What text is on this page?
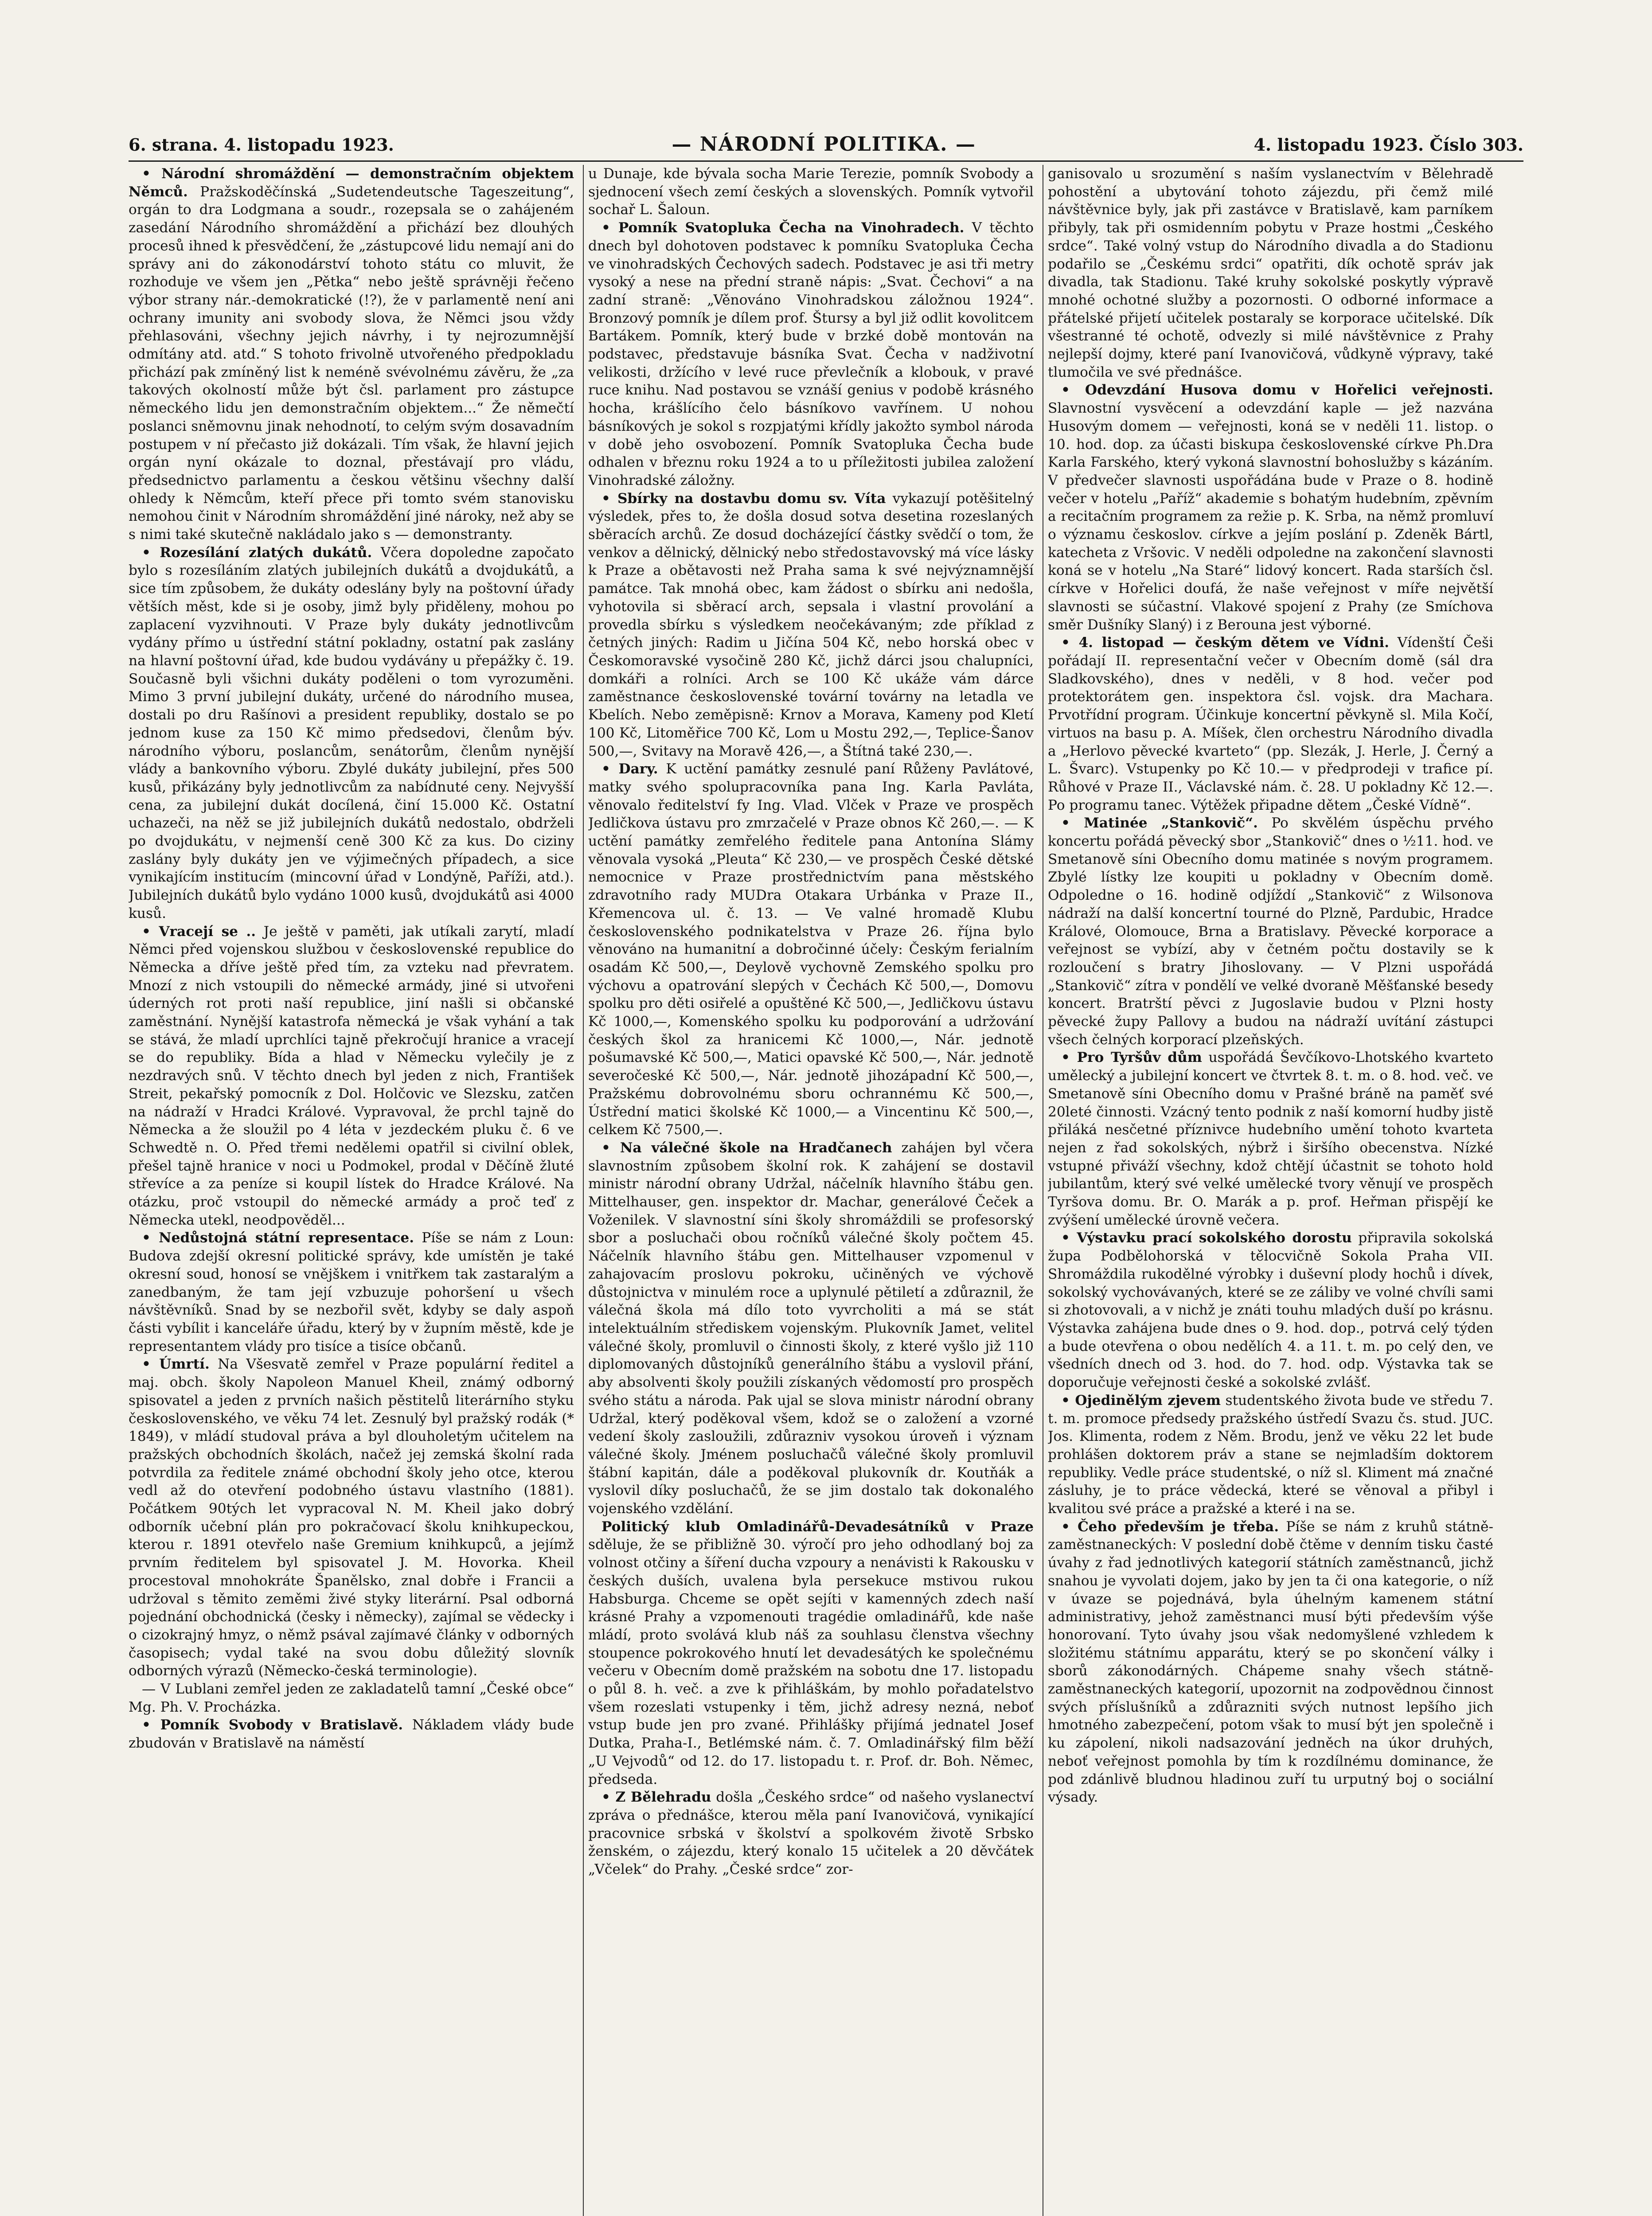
6. strana. 4. listopadu 1923.	— NÁRODNÍ POLITIKA. —	4. listopadu 1923. Číslo 303.

• Národní shromáždění — demonstračním objektem Němců. Pražskoděčínská „Sudetendeutsche Tageszeitung“, orgán to dra Lodgmana a soudr., rozepsala se o zahájeném zasedání Národního shromáždění a přichází bez dlouhých procesů ihned k přesvědčení, že „zástupcové lidu nemají ani do správy ani do zákonodárství tohoto státu co mluvit, že rozhoduje ve všem jen „Pětka“ nebo ještě správněji řečeno výbor strany nár.-demokratické (!?), že v parlamentě není ani ochrany imunity ani svobody slova, že Němci jsou vždy přehlasováni, všechny jejich návrhy, i ty nejrozumnější odmítány atd. atd.“ S tohoto frivolně utvořeného předpokladu přichází pak zmíněný list k neméně svévolnému závěru, že „za takových okolností může být čsl. parlament pro zástupce německého lidu jen demonstračním objektem...“ Že němečtí poslanci sněmovnu jinak nehodnotí, to celým svým dosavadním postupem v ní přečasto již dokázali. Tím však, že hlavní jejich orgán nyní okázale to doznal, přestávají pro vládu, předsednictvo parlamentu a českou většinu všechny další ohledy k Němcům, kteří přece při tomto svém stanovisku nemohou činit v Národním shromáždění jiné nároky, než aby se s nimi také skutečně nakládalo jako s — demonstranty.

• Rozesílání zlatých dukátů. Včera dopoledne započato bylo s rozesíláním zlatých jubilejních dukátů a dvojdukátů, a sice tím způsobem, že dukáty odeslány byly na poštovní úřady větších měst, kde si je osoby, jimž byly přiděleny, mohou po zaplacení vyzvihnouti. V Praze byly dukáty jednotlivcům vydány přímo u ústřední státní pokladny, ostatní pak zaslány na hlavní poštovní úřad, kde budou vydávány u přepážky č. 19. Současně byli všichni dukáty poděleni o tom vyrozuměni. Mimo 3 první jubilejní dukáty, určené do národního musea, dostali po dru Rašínovi a president republiky, dostalo se po jednom kuse za 150 Kč mimo předsedovi, členům býv. národního výboru, poslancům, senátorům, členům nynější vlády a bankovního výboru. Zbylé dukáty jubilejní, přes 500 kusů, přikázány byly jednotlivcům za nabídnuté ceny. Nejvyšší cena, za jubilejní dukát docílená, činí 15.000 Kč. Ostatní uchazeči, na něž se již jubilejních dukátů nedostalo, obdrželi po dvojdukátu, v nejmenší ceně 300 Kč za kus. Do ciziny zaslány byly dukáty jen ve výjimečných případech, a sice vynikajícím institucím (mincovní úřad v Londýně, Paříži, atd.). Jubilejních dukátů bylo vydáno 1000 kusů, dvojdukátů asi 4000 kusů.

• Vracejí se .. Je ještě v paměti, jak utíkali zarytí, mladí Němci před vojenskou službou v československé republice do Německa a dříve ještě před tím, za vzteku nad převratem. Mnozí z nich vstoupili do německé armády, jiné si utvořeni úderných rot proti naší republice, jiní našli si občanské zaměstnání. Nynější katastrofa německá je však vyhání a tak se stává, že mladí uprchlíci tajně překročují hranice a vracejí se do republiky. Bída a hlad v Německu vylečily je z nezdravých snů. V těchto dnech byl jeden z nich, František Streit, pekařský pomocník z Dol. Holčovic ve Slezsku, zatčen na nádraží v Hradci Králové. Vypravoval, že prchl tajně do Německa a že sloužil po 4 léta v jezdeckém pluku č. 6 ve Schwedtě n. O. Před třemi nedělemi opatřil si civilní oblek, přešel tajně hranice v noci u Podmokel, prodal v Děčíně žluté střevíce a za peníze si koupil lístek do Hradce Králové. Na otázku, proč vstoupil do německé armády a proč teď z Německa utekl, neodpověděl...

• Nedůstojná státní representace. Píše se nám z Loun: Budova zdejší okresní politické správy, kde umístěn je také okresní soud, honosí se vnějškem i vnitřkem tak zastaralým a zanedbaným, že tam její vzbuzuje pohoršení u všech návštěvníků. Snad by se nezbořil svět, kdyby se daly aspoň části vybílit i kanceláře úřadu, který by v župním městě, kde je representantem vlády pro tisíce a tisíce občanů.

• Úmrtí. Na Všesvatě zemřel v Praze populární ředitel a maj. obch. školy Napoleon Manuel Kheil, známý odborný spisovatel a jeden z prvních našich pěstitelů literárního styku československého, ve věku 74 let. Zesnulý byl pražský rodák (* 1849), v mládí studoval práva a byl dlouholetým učitelem na pražských obchodních školách, načež jej zemská školní rada potvrdila za ředitele známé obchodní školy jeho otce, kterou vedl až do otevření podobného ústavu vlastního (1881). Počátkem 90tých let vypracoval N. M. Kheil jako dobrý odborník učební plán pro pokračovací školu knihkupeckou, kterou r. 1891 otevřelo naše Gremium knihkupců, a jejímž prvním ředitelem byl spisovatel J. M. Hovorka. Kheil procestoval mnohokráte Španělsko, znal dobře i Francii a udržoval s těmito zeměmi živé styky literární. Psal odborná pojednání obchodnická (česky i německy), zajímal se vědecky i o cizokrajný hmyz, o němž psával zajímavé články v odborných časopisech; vydal také na svou dobu důležitý slovník odborných výrazů (Německo-česká terminologie).

— V Lublani zemřel jeden ze zakladatelů tamní „České obce“ Mg. Ph. V. Procházka.

• Pomník Svobody v Bratislavě. Nákladem vlády bude zbudován v Bratislavě na náměstí

u Dunaje, kde bývala socha Marie Terezie, pomník Svobody a sjednocení všech zemí českých a slovenských. Pomník vytvořil sochař L. Šaloun.

• Pomník Svatopluka Čecha na Vinohradech. V těchto dnech byl dohotoven podstavec k pomníku Svatopluka Čecha ve vinohradských Čechových sadech. Podstavec je asi tři metry vysoký a nese na přední straně nápis: „Svat. Čechovi“ a na zadní straně: „Věnováno Vinohradskou záložnou 1924“. Bronzový pomník je dílem prof. Štursy a byl již odlit kovolitcem Bartákem. Pomník, který bude v brzké době montován na podstavec, představuje básníka Svat. Čecha v nadživotní velikosti, držícího v levé ruce převlečník a klobouk, v pravé ruce knihu. Nad postavou se vznáší genius v podobě krásného hocha, krášlícího čelo básníkovo vavřínem. U nohou básníkových je sokol s rozpjatými křídly jakožto symbol národa v době jeho osvobození. Pomník Svatopluka Čecha bude odhalen v březnu roku 1924 a to u příležitosti jubilea založení Vinohradské záložny.

• Sbírky na dostavbu domu sv. Víta vykazují potěšitelný výsledek, přes to, že došla dosud sotva desetina rozeslaných sběracích archů. Ze dosud docházející částky svědčí o tom, že venkov a dělnický, dělnický nebo středostavovský má více lásky k Praze a obětavosti než Praha sama k své nejvýznamnější památce. Tak mnohá obec, kam žádost o sbírku ani nedošla, vyhotovila si sběrací arch, sepsala i vlastní provolání a provedla sbírku s výsledkem neočekávaným; zde příklad z četných jiných: Radim u Jičína 504 Kč, nebo horská obec v Českomoravské vysočině 280 Kč, jichž dárci jsou chalupníci, domkáři a rolníci. Arch se 100 Kč ukáže vám dárce zaměstnance československé tovární továrny na letadla ve Kbelích. Nebo zeměpisně: Krnov a Morava, Kameny pod Kletí 100 Kč, Litoměřice 700 Kč, Lom u Mostu 292,—, Teplice-Šanov 500,—, Svitavy na Moravě 426,—, a Štítná také 230,—.

• Dary. K uctění památky zesnulé paní Růženy Pavlátové, matky svého spolupracovníka pana Ing. Karla Pavláta, věnovalo ředitelství fy Ing. Vlad. Vlček v Praze ve prospěch Jedličkova ústavu pro zmrzačelé v Praze obnos Kč 260,—. — K uctění památky zemřelého ředitele pana Antonína Slámy věnovala vysoká „Pleuta“ Kč 230,— ve prospěch České dětské nemocnice v Praze prostřednictvím pana městského zdravotního rady MUDra Otakara Urbánka v Praze II., Křemencova ul. č. 13. — Ve valné hromadě Klubu československého podnikatelstva v Praze 26. října bylo věnováno na humanitní a dobročinné účely: Českým ferialním osadám Kč 500,—, Deylově vychovně Zemského spolku pro výchovu a opatrování slepých v Čechách Kč 500,—, Domovu spolku pro děti osiřelé a opuštěné Kč 500,—, Jedličkovu ústavu Kč 1000,—, Komenského spolku ku podporování a udržování českých škol za hranicemi Kč 1000,—, Nár. jednotě pošumavské Kč 500,—, Matici opavské Kč 500,—, Nár. jednotě severočeské Kč 500,—, Nár. jednotě jihozápadní Kč 500,—, Pražskému dobrovolnému sboru ochrannému Kč 500,—, Ústřední matici školské Kč 1000,— a Vincentinu Kč 500,—, celkem Kč 7500,—.

• Na válečné škole na Hradčanech zahájen byl včera slavnostním způsobem školní rok. K zahájení se dostavil ministr národní obrany Udržal, náčelník hlavního štábu gen. Mittelhauser, gen. inspektor dr. Machar, generálové Čeček a Voženilek. V slavnostní síni školy shromáždili se profesorský sbor a posluchači obou ročníků válečné školy počtem 45. Náčelník hlavního štábu gen. Mittelhauser vzpomenul v zahajovacím proslovu pokroku, učiněných ve výchově důstojnictva v minulém roce a uplynulé pětiletí a zdůraznil, že válečná škola má dílo toto vyvrcholiti a má se stát intelektuálním střediskem vojenským. Plukovník Jamet, velitel válečné školy, promluvil o činnosti školy, z které vyšlo již 110 diplomovaných důstojníků generálního štábu a vyslovil přání, aby absolventi školy použili získaných vědomostí pro prospěch svého státu a národa. Pak ujal se slova ministr národní obrany Udržal, který poděkoval všem, kdož se o založení a vzorné vedení školy zasloužili, zdůrazniv vysokou úroveň i význam válečné školy. Jménem posluchačů válečné školy promluvil štábní kapitán, dále a poděkoval plukovník dr. Koutňák a vyslovil díky posluchačů, že se jim dostalo tak dokonalého vojenského vzdělání.

Politický klub Omladinářů-Devadesátníků v Praze sděluje, že se přibližně 30. výročí pro jeho odhodlaný boj za volnost otčiny a šíření ducha vzpoury a nenávisti k Rakousku v českých duších, uvalena byla persekuce mstivou rukou Habsburga. Chceme se opět sejíti v kamenných zdech naší krásné Prahy a vzpomenouti tragédie omladinářů, kde naše mládí, proto svolává klub náš za souhlasu členstva všechny stoupence pokrokového hnutí let devadesátých ke společnému večeru v Obecním domě pražském na sobotu dne 17. listopadu o půl 8. h. več. a zve k přihláškám, by mohlo pořadatelstvo všem rozeslati vstupenky i těm, jichž adresy nezná, neboť vstup bude jen pro zvané. Přihlášky přijímá jednatel Josef Dutka, Praha-I., Betlémské nám. č. 7. Omladinářský film běží „U Vejvodů“ od 12. do 17. listopadu t. r. Prof. dr. Boh. Němec, předseda.

• Z Bělehradu došla „Českého srdce“ od našeho vyslanectví zpráva o přednášce, kterou měla paní Ivanovičová, vynikající pracovnice srbská v školství a spolkovém životě Srbsko ženském, o zájezdu, který konalo 15 učitelek a 20 děvčátek „Včelek“ do Prahy. „České srdce“ zor-

ganisovalo u srozumění s naším vyslanectvím v Bělehradě pohostění a ubytování tohoto zájezdu, při čemž milé návštěvnice byly, jak při zastávce v Bratislavě, kam parníkem přibyly, tak při osmidenním pobytu v Praze hostmi „Českého srdce“. Také volný vstup do Národního divadla a do Stadionu podařilo se „Českému srdci“ opatřiti, dík ochotě správ jak divadla, tak Stadionu. Také kruhy sokolské poskytly výpravě mnohé ochotné služby a pozornosti. O odborné informace a přátelské přijetí učitelek postaraly se korporace učitelské. Dík všestranné té ochotě, odvezly si milé návštěvnice z Prahy nejlepší dojmy, které paní Ivanovičová, vůdkyně výpravy, také tlumočila ve své přednášce.

• Odevzdání Husova domu v Hořelici veřejnosti. Slavnostní vysvěcení a odevzdání kaple — jež nazvána Husovým domem — veřejnosti, koná se v neděli 11. listop. o 10. hod. dop. za účasti biskupa československé církve Ph.Dra Karla Farského, který vykoná slavnostní bohoslužby s kázáním. V předvečer slavnosti uspořádána bude v Praze o 8. hodině večer v hotelu „Paříž“ akademie s bohatým hudebním, zpěvním a recitačním programem za režie p. K. Srba, na němž promluví o významu českoslov. církve a jejím poslání p. Zdeněk Bártl, katecheta z Vršovic. V neděli odpoledne na zakončení slavnosti koná se v hotelu „Na Staré“ lidový koncert. Rada starších čsl. církve v Hořelici doufá, že naše veřejnost v míře největší slavnosti se súčastní. Vlakové spojení z Prahy (ze Smíchova směr Dušníky Slaný) i z Berouna jest výborné.

• 4. listopad — českým dětem ve Vídni. Vídenští Češi pořádají II. representační večer v Obecním domě (sál dra Sladkovského), dnes v neděli, v 8 hod. večer pod protektorátem gen. inspektora čsl. vojsk. dra Machara. Prvotřídní program. Účinkuje koncertní pěvkyně sl. Mila Kočí, virtuos na basu p. A. Míšek, člen orchestru Národního divadla a „Herlovo pěvecké kvarteto“ (pp. Slezák, J. Herle, J. Černý a L. Švarc). Vstupenky po Kč 10.— v předprodeji v trafice pí. Růhové v Praze II., Václavské nám. č. 28. U pokladny Kč 12.—. Po programu tanec. Výtěžek připadne dětem „České Vídně“.

• Matinée „Stankovič“. Po skvělém úspěchu prvého koncertu pořádá pěvecký sbor „Stankovič“ dnes o ½11. hod. ve Smetanově síni Obecního domu matinée s novým programem. Zbylé lístky lze koupiti u pokladny v Obecním domě. Odpoledne o 16. hodině odjíždí „Stankovič“ z Wilsonova nádraží na další koncertní tourné do Plzně, Pardubic, Hradce Králové, Olomouce, Brna a Bratislavy. Pěvecké korporace a veřejnost se vybízí, aby v četném počtu dostavily se k rozloučení s bratry Jihoslovany. — V Plzni uspořádá „Stankovič“ zítra v pondělí ve velké dvoraně Měšťanské besedy koncert. Bratrští pěvci z Jugoslavie budou v Plzni hosty pěvecké župy Pallovy a budou na nádraží uvítání zástupci všech čelných korporací plzeňských.

• Pro Tyršův dům uspořádá Ševčíkovo-Lhotského kvarteto umělecký a jubilejní koncert ve čtvrtek 8. t. m. o 8. hod. več. ve Smetanově síni Obecního domu v Prašné bráně na paměť své 20leté činnosti. Vzácný tento podnik z naší komorní hudby jistě přiláká nesčetné příznivce hudebního umění tohoto kvarteta nejen z řad sokolských, nýbrž i širšího obecenstva. Nízké vstupné přiváží všechny, kdož chtějí účastnit se tohoto hold jubilantům, který své velké umělecké tvory věnují ve prospěch Tyršova domu. Br. O. Marák a p. prof. Heřman přispějí ke zvýšení umělecké úrovně večera.

• Výstavku prací sokolského dorostu připravila sokolská župa Podbělohorská v tělocvičně Sokola Praha VII. Shromáždila rukodělné výrobky i duševní plody hochů i dívek, sokolský vychovávaných, které se ze záliby ve volné chvíli sami si zhotovovali, a v nichž je znáti touhu mladých duší po krásnu. Výstavka zahájena bude dnes o 9. hod. dop., potrvá celý týden a bude otevřena o obou nedělích 4. a 11. t. m. po celý den, ve všedních dnech od 3. hod. do 7. hod. odp. Výstavka tak se doporučuje veřejnosti české a sokolské zvlášť.

• Ojedinělým zjevem studentského života bude ve středu 7. t. m. promoce předsedy pražského ústředí Svazu čs. stud. JUC. Jos. Klimenta, rodem z Něm. Brodu, jenž ve věku 22 let bude prohlášen doktorem práv a stane se nejmladším doktorem republiky. Vedle práce studentské, o níž sl. Kliment má značné zásluhy, je to práce vědecká, které se věnoval a přibyl i kvalitou své práce a pražské a které i na se.

• Čeho především je třeba. Píše se nám z kruhů státně-zaměstnaneckých: V poslední době čtěme v denním tisku časté úvahy z řad jednotlivých kategorií státních zaměstnanců, jichž snahou je vyvolati dojem, jako by jen ta či ona kategorie, o níž v úvaze se pojednává, byla úhelným kamenem státní administrativy, jehož zaměstnanci musí býti především výše honorovaní. Tyto úvahy jsou však nedomyšlené vzhledem k složitému státnímu apparátu, který se po skončení války i sborů zákonodárných. Chápeme snahy všech státně-zaměstnaneckých kategorií, upozornit na zodpovědnou činnost svých příslušníků a zdůrazniti svých nutnost lepšího jich hmotného zabezpečení, potom však to musí být jen společně i ku zápolení, nikoli nadsazování jedněch na úkor druhých, neboť veřejnost pomohla by tím k rozdílnému dominance, že pod zdánlivě bludnou hladinou zuří tu urputný boj o sociální výsady.
